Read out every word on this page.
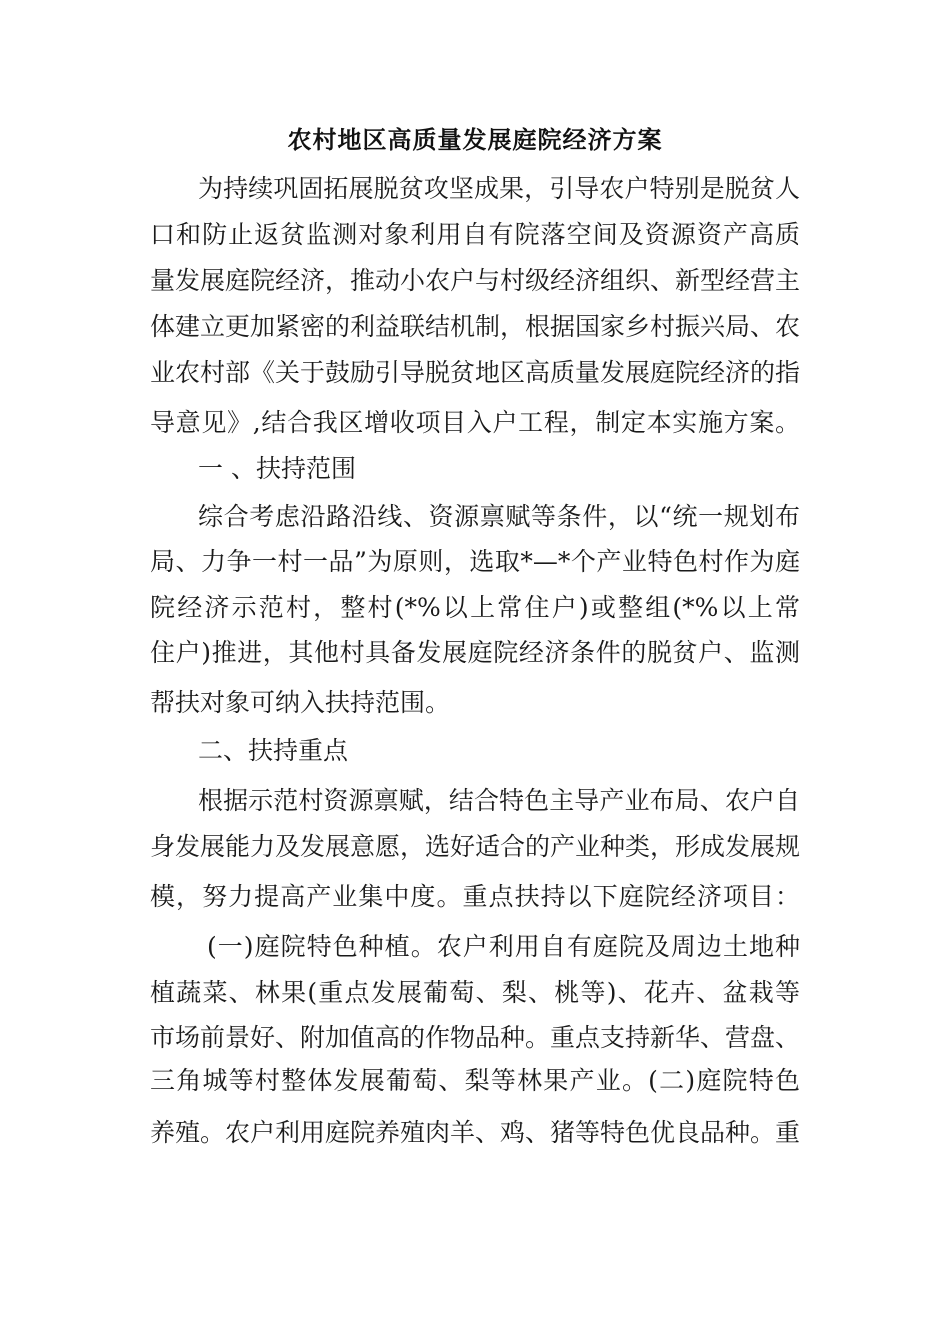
农村地区高质量发展庭院经济方案

为持续巩固拓展脱贫攻坚成果，引导农户特别是脱贫人

口和防止返贫监测对象利用自有院落空间及资源资产高质

量发展庭院经济，推动小农户与村级经济组织、新型经营主

体建立更加紧密的利益联结机制，根据国家乡村振兴局、农

业农村部《关于鼓励引导脱贫地区高质量发展庭院经济的指

导意见》,结合我区增收项目入户工程，制定本实施方案。

一 、扶持范围

综合考虑沿路沿线、资源禀赋等条件，以“统一规划布

局、力争一村一品”为原则，选取*—*个产业特色村作为庭

院经济示范村，整村(*%以上常住户)或整组(*%以上常

住户)推进，其他村具备发展庭院经济条件的脱贫户、监测

帮扶对象可纳入扶持范围。

二、扶持重点

根据示范村资源禀赋，结合特色主导产业布局、农户自

身发展能力及发展意愿，选好适合的产业种类，形成发展规

模，努力提高产业集中度。重点扶持以下庭院经济项目：

(一)庭院特色种植。农户利用自有庭院及周边土地种

植蔬菜、林果(重点发展葡萄、梨、桃等)、花卉、盆栽等

市场前景好、附加值高的作物品种。重点支持新华、营盘、

三角城等村整体发展葡萄、梨等林果产业。(二)庭院特色

养殖。农户利用庭院养殖肉羊、鸡、猪等特色优良品种。重
